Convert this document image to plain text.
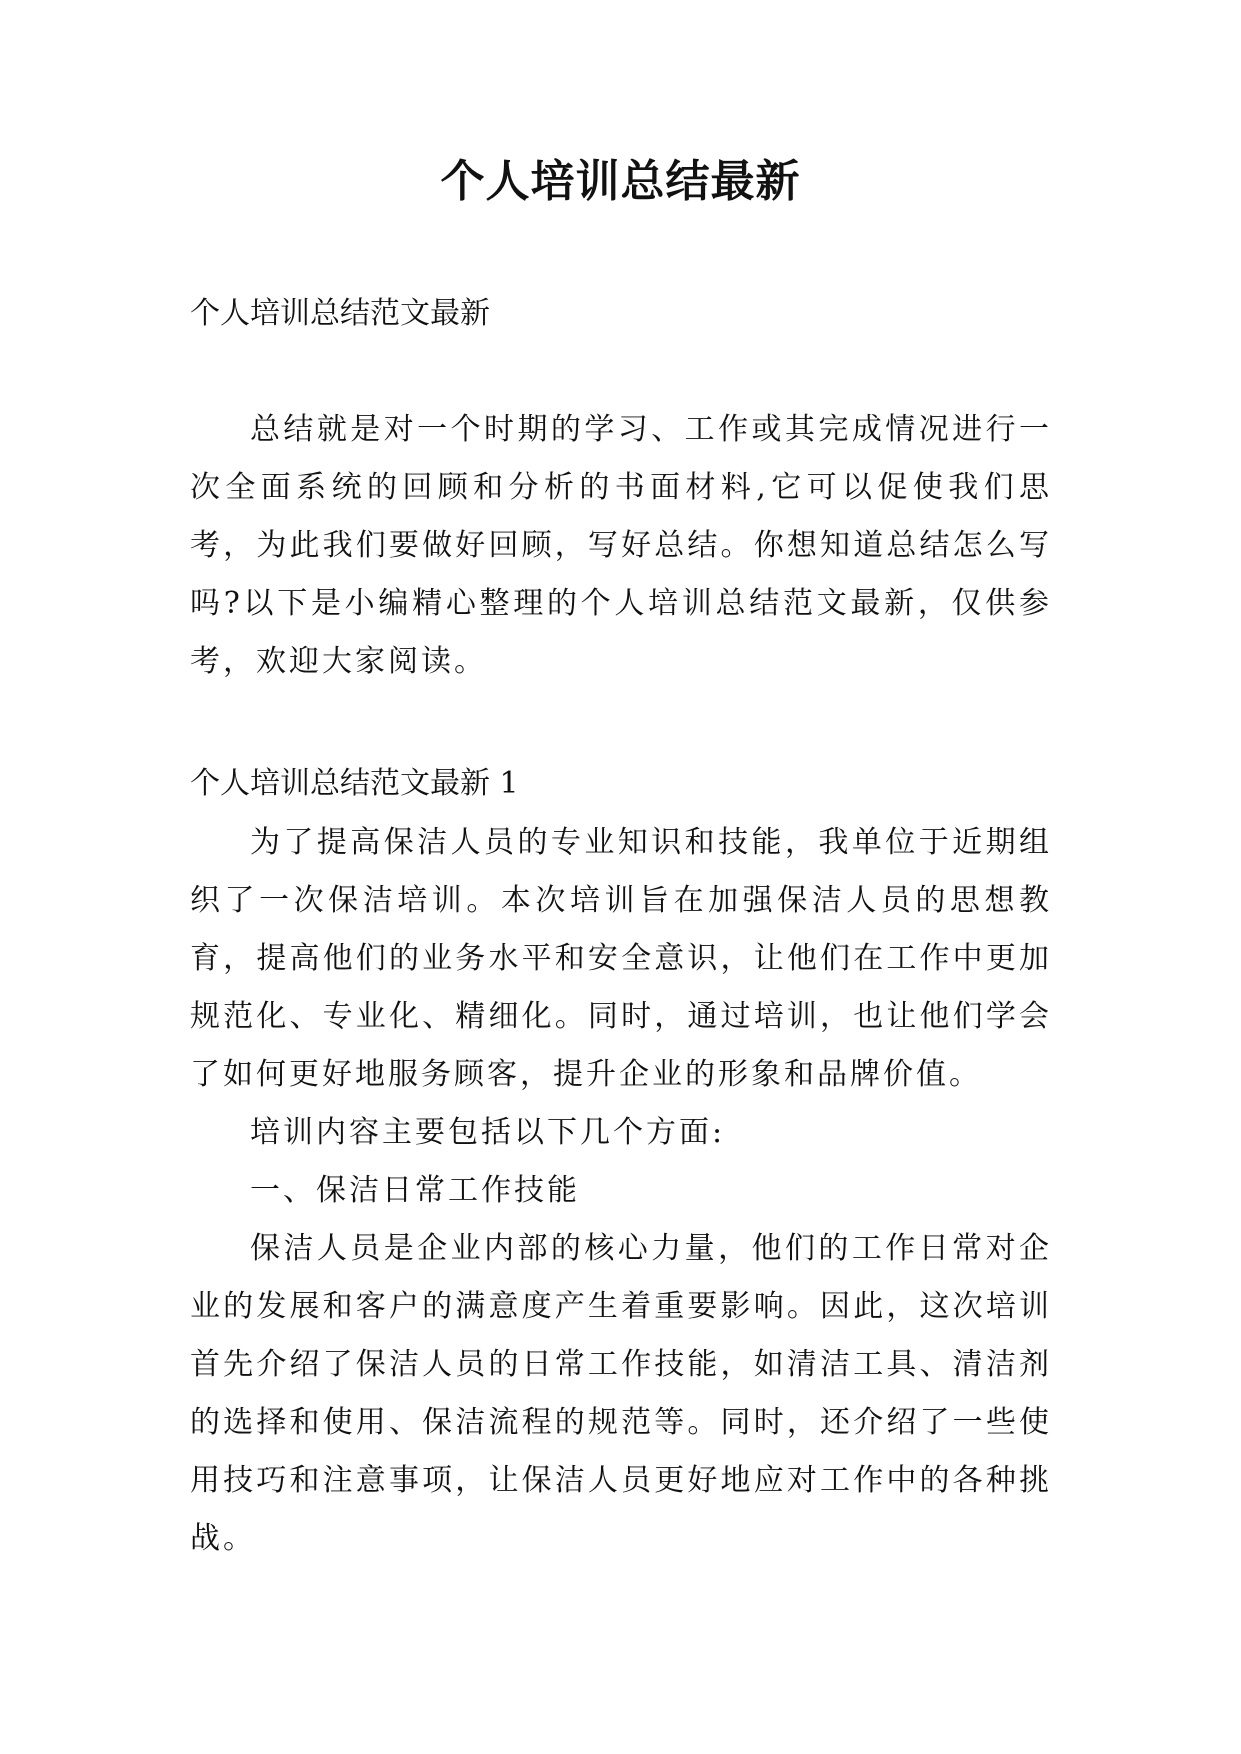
个人培训总结最新
个人培训总结范文最新

总结就是对一个时期的学习、工作或其完成情况进行一次全面系统的回顾和分析的书面材料,它可以促使我们思考，为此我们要做好回顾，写好总结。你想知道总结怎么写吗?以下是小编精心整理的个人培训总结范文最新，仅供参考，欢迎大家阅读。

个人培训总结范文最新 1

为了提高保洁人员的专业知识和技能，我单位于近期组织了一次保洁培训。本次培训旨在加强保洁人员的思想教育，提高他们的业务水平和安全意识，让他们在工作中更加规范化、专业化、精细化。同时，通过培训，也让他们学会了如何更好地服务顾客，提升企业的形象和品牌价值。

培训内容主要包括以下几个方面:

一、保洁日常工作技能

保洁人员是企业内部的核心力量，他们的工作日常对企业的发展和客户的满意度产生着重要影响。因此，这次培训首先介绍了保洁人员的日常工作技能，如清洁工具、清洁剂的选择和使用、保洁流程的规范等。同时，还介绍了一些使用技巧和注意事项，让保洁人员更好地应对工作中的各种挑战。
